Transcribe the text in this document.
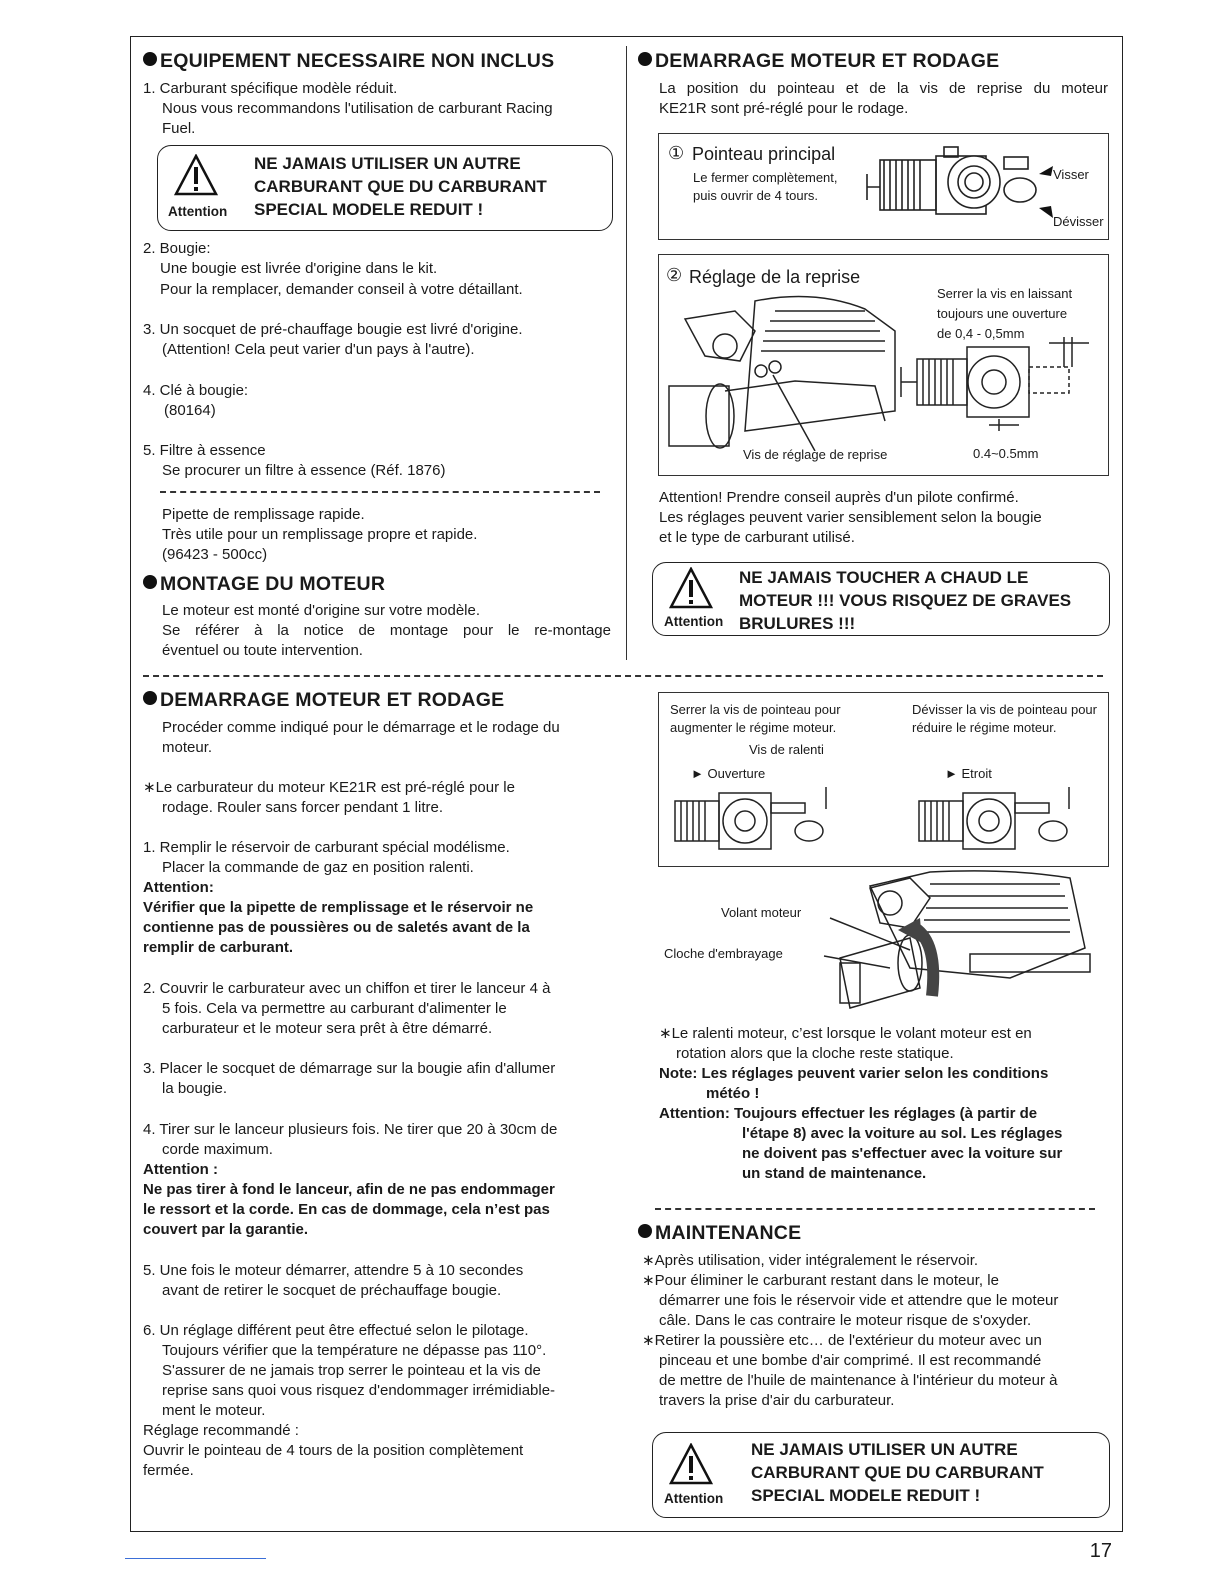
EQUIPEMENT NECESSAIRE NON INCLUS
1. Carburant spécifique modèle réduit.
Nous vous recommandons l'utilisation de carburant Racing
Fuel.
Attention
NE JAMAIS UTILISER UN AUTRE
CARBURANT QUE DU CARBURANT
SPECIAL MODELE REDUIT !
2. Bougie:
Une bougie est livrée d'origine dans le kit.
Pour la remplacer, demander conseil à votre détaillant.
3. Un socquet de pré-chauffage bougie est livré d'origine.
(Attention! Cela peut varier d'un pays à l'autre).
4. Clé à bougie:
(80164)
5. Filtre à essence
Se procurer un filtre à essence (Réf. 1876)
Pipette de remplissage rapide.
Très utile pour un remplissage propre et rapide.
(96423 - 500cc)
MONTAGE DU MOTEUR
Le moteur est monté d'origine sur votre modèle.
Se référer à la notice de montage pour le re-montage
éventuel ou toute intervention.
DEMARRAGE MOTEUR ET RODAGE
Procéder comme indiqué pour le démarrage et le rodage du
moteur.
∗Le carburateur du moteur KE21R est pré-réglé pour le
rodage. Rouler sans forcer pendant 1 litre.
1. Remplir le réservoir de carburant spécial modélisme.
Placer la commande de gaz en position ralenti.
Attention:
Vérifier que la pipette de remplissage et le réservoir ne
contienne pas de poussières ou de saletés avant de la
remplir de carburant.
2. Couvrir le carburateur avec un chiffon et tirer le lanceur 4 à
5 fois. Cela va permettre au carburant d'alimenter le
carburateur et le moteur sera prêt à être démarré.
3. Placer le socquet de démarrage sur la bougie afin d'allumer
la bougie.
4. Tirer sur le lanceur plusieurs fois. Ne tirer que 20 à 30cm de
corde maximum.
Attention :
Ne pas tirer à fond le lanceur, afin de ne pas endommager
le ressort et la corde. En cas de dommage, cela n’est pas
couvert par la garantie.
5. Une fois le moteur démarrer, attendre 5 à 10 secondes
avant de retirer le socquet de préchauffage bougie.
6. Un réglage différent peut être effectué selon le pilotage.
Toujours vérifier que la température ne dépasse pas 110°.
S'assurer de ne jamais trop serrer le pointeau et la vis de
reprise sans quoi vous risquez d'endommager irrémidiable-
ment le moteur.
Réglage recommandé :
Ouvrir le pointeau de 4 tours de la position complètement
fermée.
DEMARRAGE MOTEUR ET RODAGE
La position du pointeau et de la vis de reprise du moteur
KE21R sont pré-réglé pour le rodage.
① Pointeau principal
Le fermer complètement,
puis ouvrir de 4 tours.
Visser
Dévisser
② Réglage de la reprise
Serrer la vis en laissant
toujours une ouverture
de 0,4 - 0,5mm
Vis de réglage de reprise	0.4~0.5mm
Attention! Prendre conseil auprès d'un pilote confirmé.
Les réglages peuvent varier sensiblement selon la bougie
et le type de carburant utilisé.
Attention
NE JAMAIS TOUCHER A CHAUD LE
MOTEUR !!! VOUS RISQUEZ DE GRAVES
BRULURES !!!
Serrer la vis de pointeau pour
augmenter le régime moteur.
Dévisser la vis de pointeau pour
réduire le régime moteur.
Vis de ralenti
► Ouverture	► Etroit
Volant moteur
Cloche d'embrayage
∗Le ralenti moteur, c’est lorsque le volant moteur est en
rotation alors que la cloche reste statique.
Note: Les réglages peuvent varier selon les conditions
météo !
Attention: Toujours effectuer les réglages (à partir de
l'étape 8) avec la voiture au sol. Les réglages
ne doivent pas s'effectuer avec la voiture sur
un stand de maintenance.
MAINTENANCE
∗Après utilisation, vider intégralement le réservoir.
∗Pour éliminer le carburant restant dans le moteur, le
démarrer une fois le réservoir vide et attendre que le moteur
câle. Dans le cas contraire le moteur risque de s'oxyder.
∗Retirer la poussière etc… de l'extérieur du moteur avec un
pinceau et une bombe d'air comprimé. Il est recommandé
de mettre de l'huile de maintenance à l'intérieur du moteur à
travers la prise d'air du carburateur.
Attention
NE JAMAIS UTILISER UN AUTRE
CARBURANT QUE DU CARBURANT
SPECIAL MODELE REDUIT !
17
